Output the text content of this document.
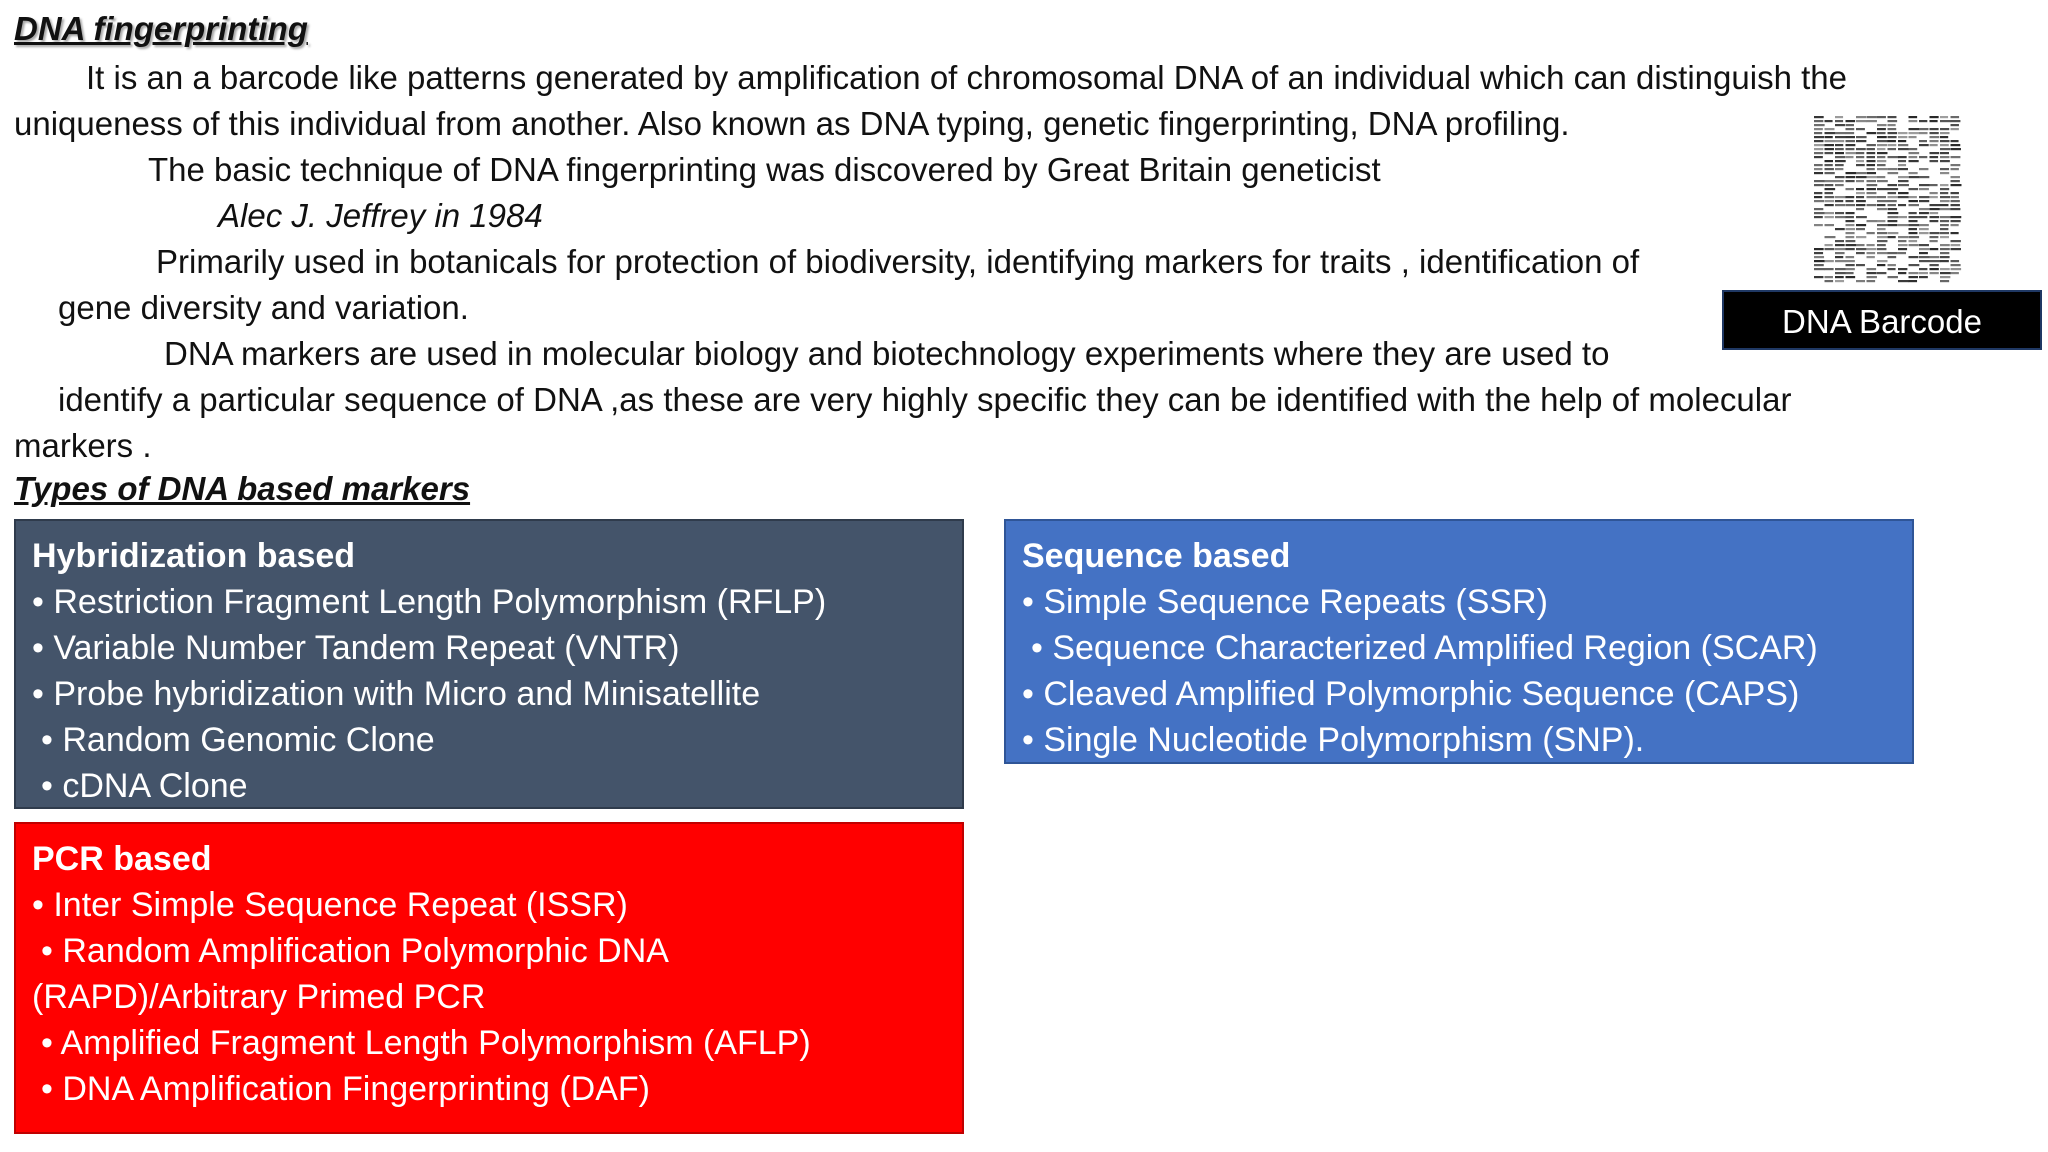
DNA fingerprinting
It is an a barcode like patterns generated by amplification of chromosomal DNA of an individual which can distinguish the
uniqueness of this individual from another. Also known as DNA typing, genetic fingerprinting, DNA profiling.
The basic technique of DNA fingerprinting was discovered by Great Britain geneticist
Alec J. Jeffrey in 1984
Primarily used in botanicals for protection of biodiversity, identifying markers for traits , identification of
gene diversity and variation.
DNA markers are used in molecular biology and biotechnology experiments where they are used to
identify a particular sequence of DNA ,as these are very highly specific they can be identified with the help of molecular
markers .
DNA Barcode
Types of DNA based markers
Hybridization based
• Restriction Fragment Length Polymorphism (RFLP)
• Variable Number Tandem Repeat (VNTR)
• Probe hybridization with Micro and Minisatellite
• Random Genomic Clone
• cDNA Clone
Sequence based
• Simple Sequence Repeats (SSR)
• Sequence Characterized Amplified Region (SCAR)
• Cleaved Amplified Polymorphic Sequence (CAPS)
• Single Nucleotide Polymorphism (SNP).
PCR based
• Inter Simple Sequence Repeat (ISSR)
• Random Amplification Polymorphic DNA
(RAPD)/Arbitrary Primed PCR
• Amplified Fragment Length Polymorphism (AFLP)
• DNA Amplification Fingerprinting (DAF)
